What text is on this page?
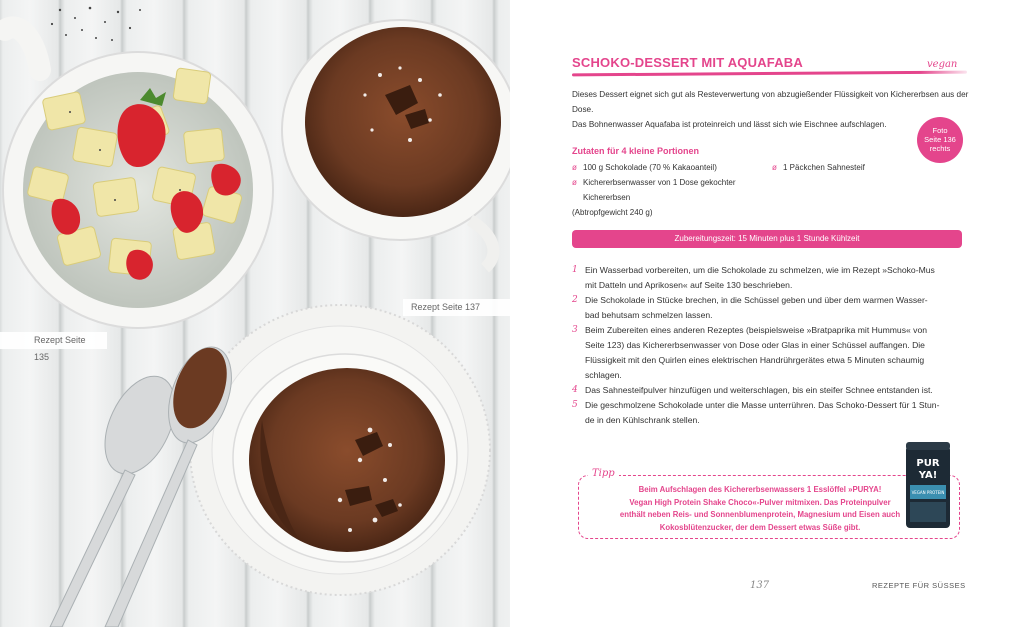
Rezept Seite 135
Rezept Seite 137
SCHOKO-DESSERT MIT AQUAFABA	vegan
Dieses Dessert eignet sich gut als Resteverwertung von abzugießender Flüssigkeit von Kichererbsen aus der Dose.
Das Bohnenwasser Aquafaba ist proteinreich und lässt sich wie Eischnee aufschlagen.
Foto
Seite 136
rechts
Zutaten für 4 kleine Portionen
ø 100 g Schokolade (70 % Kakaoanteil)
ø Kichererbsenwasser von 1 Dose gekochter Kichererbsen
(Abtropfgewicht 240 g)
ø 1 Päckchen Sahnesteif
Zubereitungszeit: 15 Minuten plus 1 Stunde Kühlzeit
1 Ein Wasserbad vorbereiten, um die Schokolade zu schmelzen, wie im Rezept »Schoko-Mus
mit Datteln und Aprikosen« auf Seite 130 beschrieben.
2 Die Schokolade in Stücke brechen, in die Schüssel geben und über dem warmen Wasser-
bad behutsam schmelzen lassen.
3 Beim Zubereiten eines anderen Rezeptes (beispielsweise »Bratpaprika mit Hummus« von
Seite 123) das Kichererbsenwasser von Dose oder Glas in einer Schüssel auffangen. Die
Flüssigkeit mit den Quirlen eines elektrischen Handrührgerätes etwa 5 Minuten schaumig
schlagen.
4 Das Sahnesteifpulver hinzufügen und weiterschlagen, bis ein steifer Schnee entstanden ist.
5 Die geschmolzene Schokolade unter die Masse unterrühren. Das Schoko-Dessert für 1 Stun-
de in den Kühlschrank stellen.
Tipp
Beim Aufschlagen des Kichererbsenwassers 1 Esslöffel »PURYA!
Vegan High Protein Shake Choco«-Pulver mitmixen. Das Proteinpulver
enthält neben Reis- und Sonnenblumenprotein, Magnesium und Eisen auch
Kokosblütenzucker, der dem Dessert etwas Süße gibt.
PUR
YA!
VEGAN PROTEIN
137	REZEPTE FÜR SÜSSES
